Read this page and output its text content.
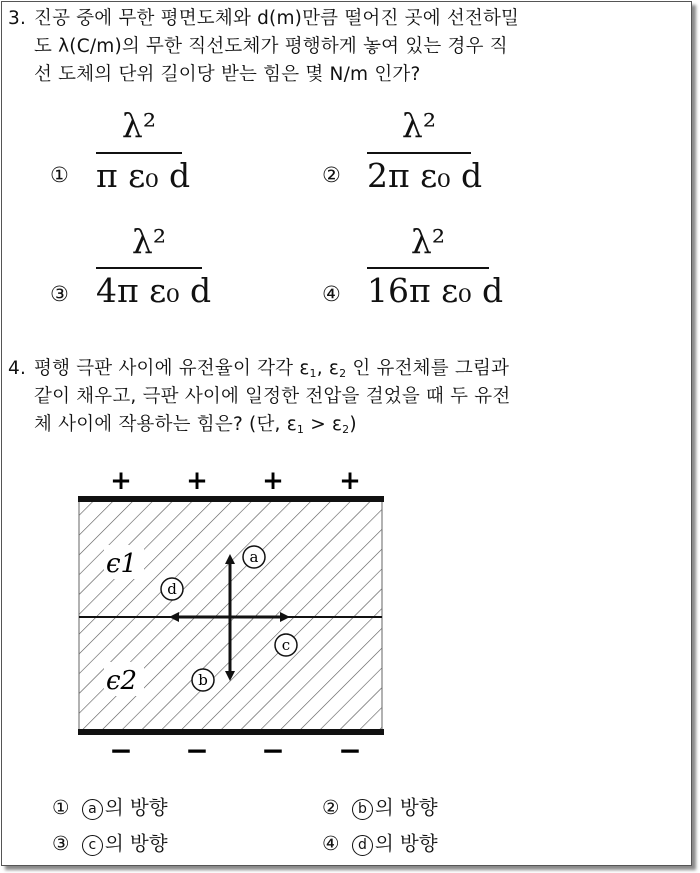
3. 진공 중에 무한 평면도체와 d(m)만큼 떨어진 곳에 선전하밀
도 λ(C/m)의 무한 직선도체가 평행하게 놓여 있는 경우 직
선 도체의 단위 길이당 받는 힘은 몇 N/m 인가?
①
λ²
π ε₀ d	②
λ²
2π ε₀ d
③
λ²
4π ε₀ d	④
λ²
16π ε₀ d
4. 평행 극판 사이에 유전율이 각각 ε1, ε2 인 유전체를 그림과
같이 채우고, 극판 사이에 일정한 전압을 걸었을 때 두 유전
체 사이에 작용하는 힘은? (단, ε1 > ε2)
+ + + +
ϵ1
ϵ2
a
b
c
d
− − − −
① a 의 방향	② b 의 방향
③ c 의 방향	④ d 의 방향
